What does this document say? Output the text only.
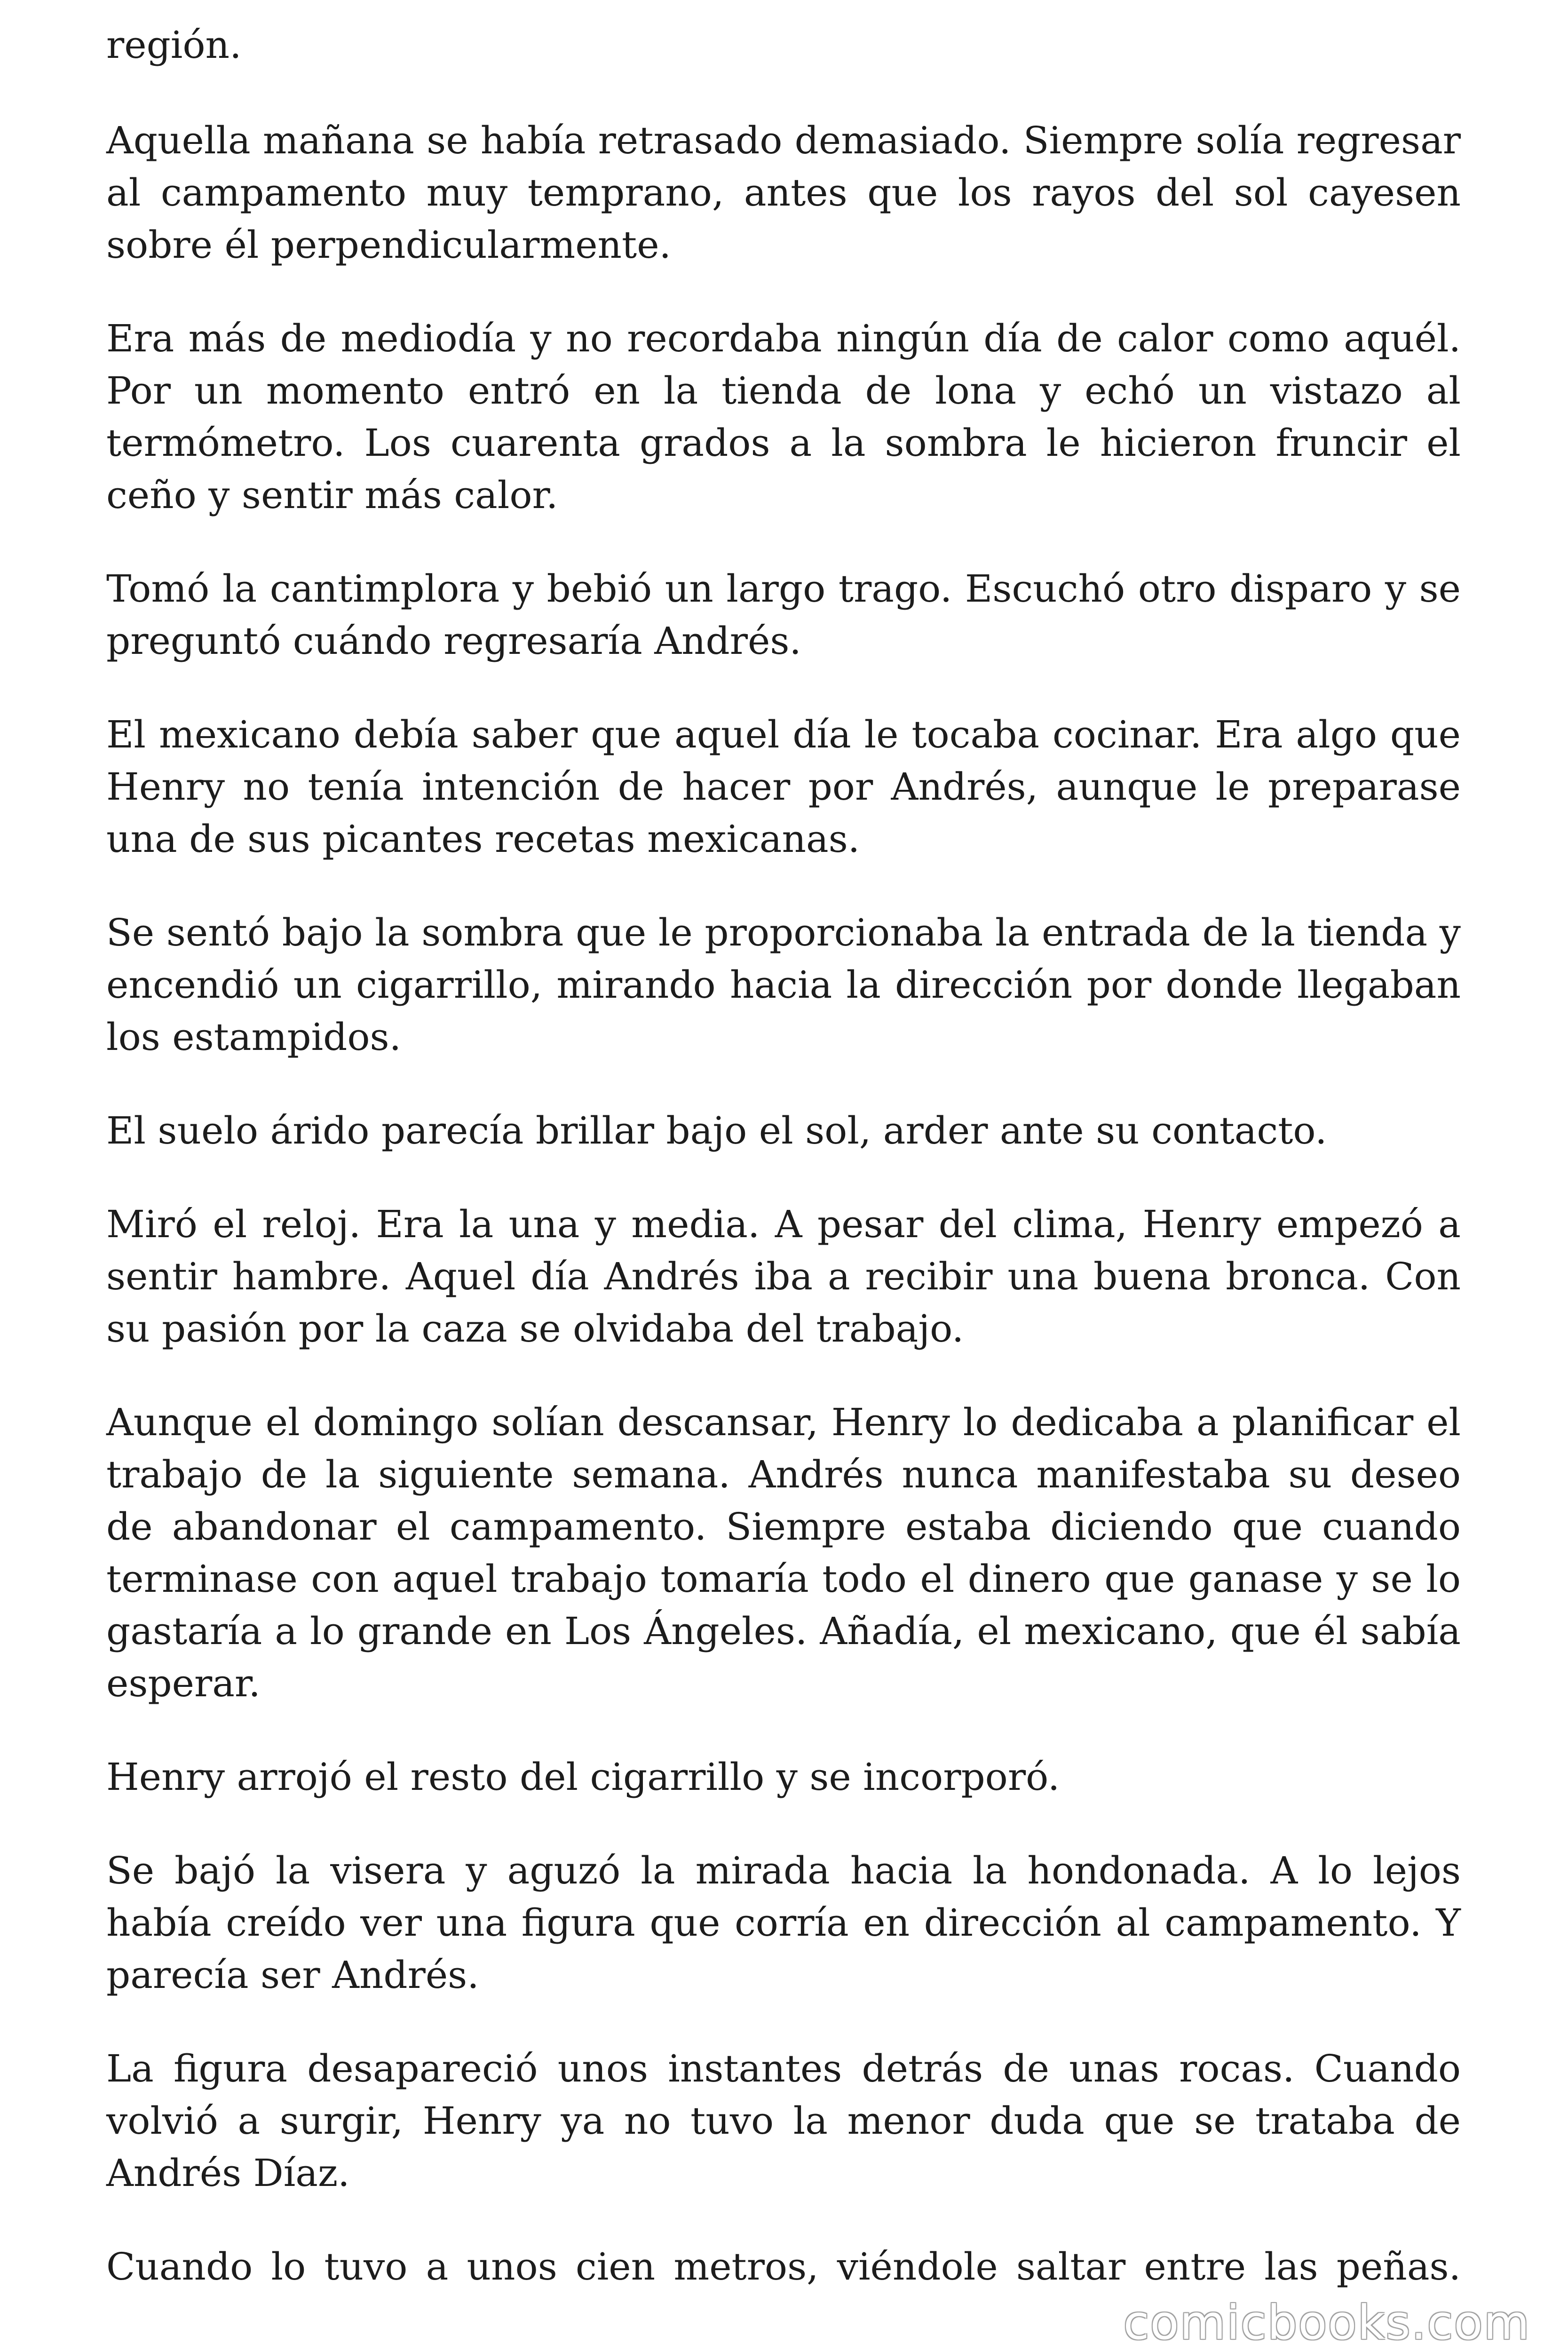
región.

Aquella mañana se había retrasado demasiado. Siempre solía regresar al campamento muy temprano, antes que los rayos del sol cayesen sobre él perpendicularmente.

Era más de mediodía y no recordaba ningún día de calor como aquél. Por un momento entró en la tienda de lona y echó un vistazo al termómetro. Los cuarenta grados a la sombra le hicieron fruncir el ceño y sentir más calor.

Tomó la cantimplora y bebió un largo trago. Escuchó otro disparo y se preguntó cuándo regresaría Andrés.

El mexicano debía saber que aquel día le tocaba cocinar. Era algo que Henry no tenía intención de hacer por Andrés, aunque le preparase una de sus picantes recetas mexicanas.

Se sentó bajo la sombra que le proporcionaba la entrada de la tienda y encendió un cigarrillo, mirando hacia la dirección por donde llegaban los estampidos.

El suelo árido parecía brillar bajo el sol, arder ante su contacto.

Miró el reloj. Era la una y media. A pesar del clima, Henry empezó a sentir hambre. Aquel día Andrés iba a recibir una buena bronca. Con su pasión por la caza se olvidaba del trabajo.

Aunque el domingo solían descansar, Henry lo dedicaba a planificar el trabajo de la siguiente semana. Andrés nunca manifestaba su deseo de abandonar el campamento. Siempre estaba diciendo que cuando terminase con aquel trabajo tomaría todo el dinero que ganase y se lo gastaría a lo grande en Los Ángeles. Añadía, el mexicano, que él sabía esperar.

Henry arrojó el resto del cigarrillo y se incorporó.

Se bajó la visera y aguzó la mirada hacia la hondonada. A lo lejos había creído ver una figura que corría en dirección al campamento. Y parecía ser Andrés.

La figura desapareció unos instantes detrás de unas rocas. Cuando volvió a surgir, Henry ya no tuvo la menor duda que se trataba de Andrés Díaz.

Cuando lo tuvo a unos cien metros, viéndole saltar entre las peñas.

comicbooks.com
